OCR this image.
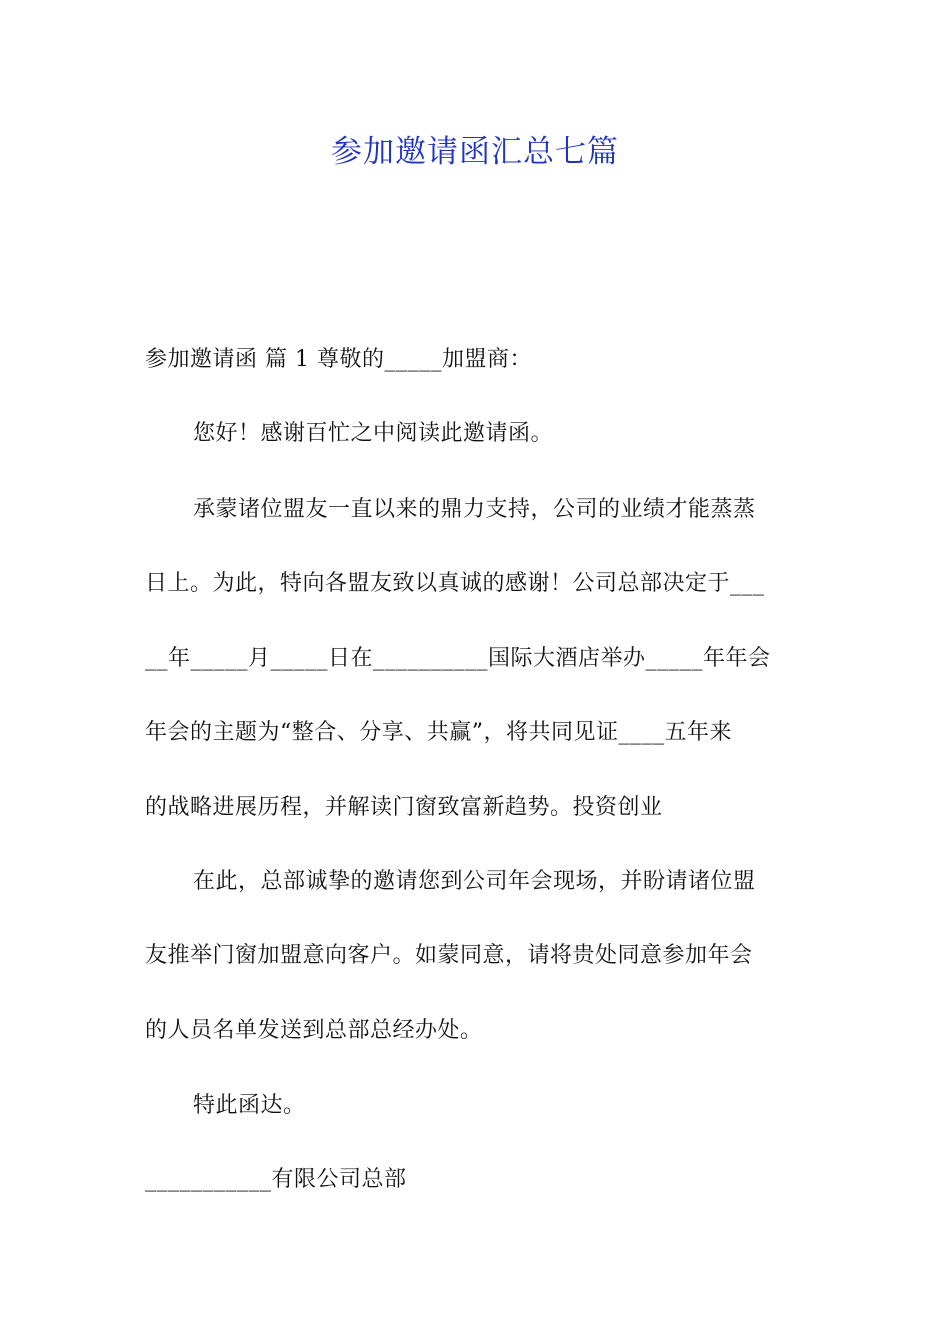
参加邀请函汇总七篇
参加邀请函 篇 1 尊敬的_____加盟商：
您好！感谢百忙之中阅读此邀请函。
承蒙诸位盟友一直以来的鼎力支持，公司的业绩才能蒸蒸
日上。为此，特向各盟友致以真诚的感谢！公司总部决定于___
__年_____月_____日在__________国际大酒店举办_____年年会
年会的主题为“整合、分享、共赢”，将共同见证____五年来
的战略进展历程，并解读门窗致富新趋势。投资创业
在此，总部诚挚的邀请您到公司年会现场，并盼请诸位盟
友推举门窗加盟意向客户。如蒙同意，请将贵处同意参加年会
的人员名单发送到总部总经办处。
特此函达。
___________有限公司总部
